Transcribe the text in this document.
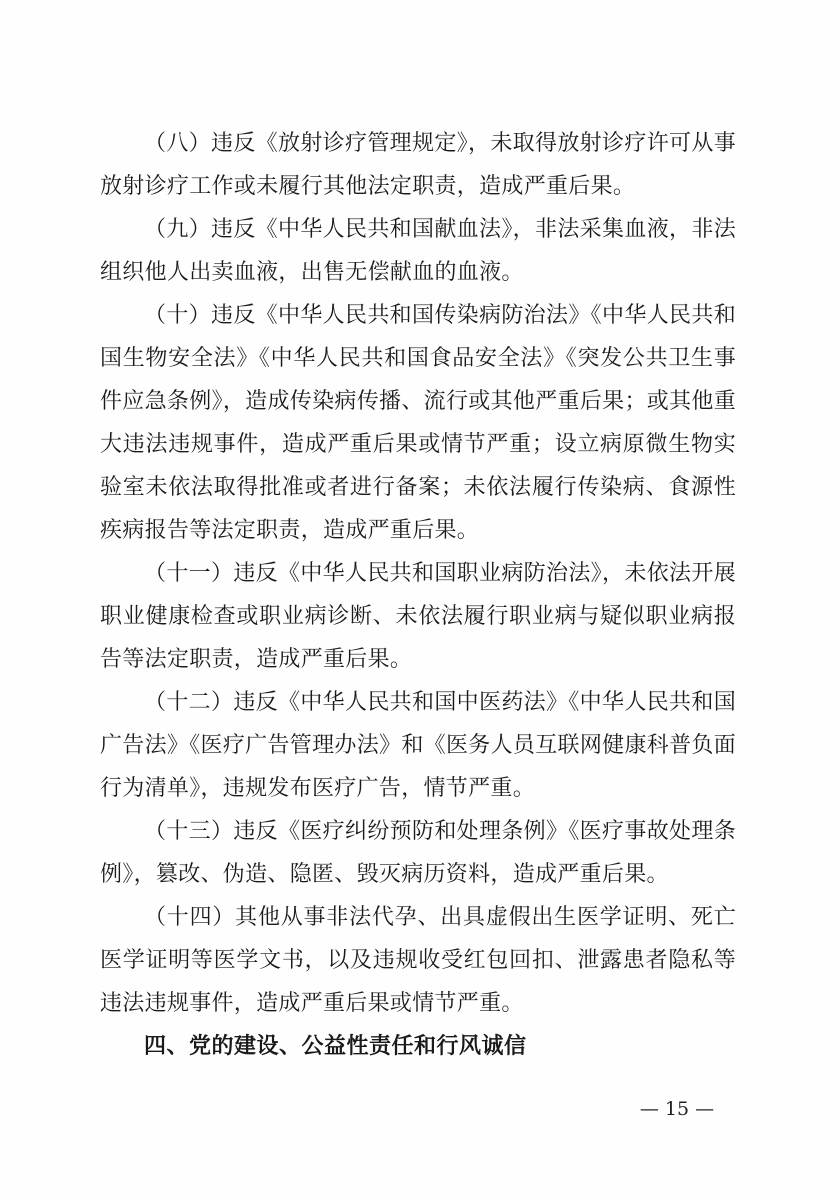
（八）违反《放射诊疗管理规定》，未取得放射诊疗许可从事放射诊疗工作或未履行其他法定职责，造成严重后果。

（九）违反《中华人民共和国献血法》，非法采集血液，非法组织他人出卖血液，出售无偿献血的血液。

（十）违反《中华人民共和国传染病防治法》《中华人民共和国生物安全法》《中华人民共和国食品安全法》《突发公共卫生事件应急条例》，造成传染病传播、流行或其他严重后果；或其他重大违法违规事件，造成严重后果或情节严重；设立病原微生物实验室未依法取得批准或者进行备案；未依法履行传染病、食源性疾病报告等法定职责，造成严重后果。

（十一）违反《中华人民共和国职业病防治法》，未依法开展职业健康检查或职业病诊断、未依法履行职业病与疑似职业病报告等法定职责，造成严重后果。

（十二）违反《中华人民共和国中医药法》《中华人民共和国广告法》《医疗广告管理办法》和《医务人员互联网健康科普负面行为清单》，违规发布医疗广告，情节严重。

（十三）违反《医疗纠纷预防和处理条例》《医疗事故处理条例》，篡改、伪造、隐匿、毁灭病历资料，造成严重后果。

（十四）其他从事非法代孕、出具虚假出生医学证明、死亡医学证明等医学文书，以及违规收受红包回扣、泄露患者隐私等违法违规事件，造成严重后果或情节严重。

四、党的建设、公益性责任和行风诚信
— 15 —
